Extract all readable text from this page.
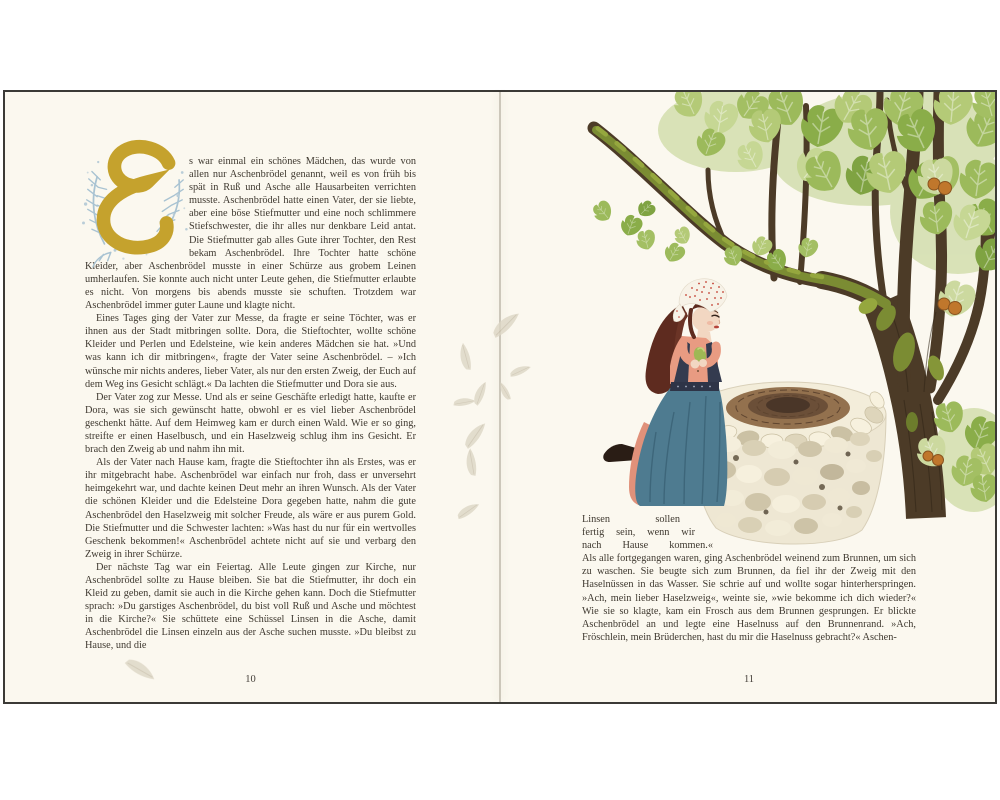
s war einmal ein schönes Mädchen, das wurde von allen nur Aschenbrödel genannt, weil es von früh bis spät in Ruß und Asche alle Hausarbeiten verrichten musste. Aschenbrödel hatte einen Vater, der sie liebte, aber eine böse Stiefmutter und eine noch schlimmere Stiefschwester, die ihr alles nur denkbare Leid antat. Die Stiefmutter gab alles Gute ihrer Tochter, den Rest bekam Aschenbrödel. Ihre Tochter hatte schöne Kleider, aber Aschenbrödel musste in einer Schürze aus grobem Leinen umherlaufen. Sie konnte auch nicht unter Leute gehen, die Stiefmutter erlaubte es nicht. Von morgens bis abends musste sie schuften. Trotzdem war Aschenbrödel immer guter Laune und klagte nicht.

Eines Tages ging der Vater zur Messe, da fragte er seine Töchter, was er ihnen aus der Stadt mitbringen sollte. Dora, die Stieftochter, wollte schöne Kleider und Perlen und Edelsteine, wie kein anderes Mädchen sie hat. »Und was kann ich dir mitbringen«, fragte der Vater seine Aschenbrödel. – »Ich wünsche mir nichts anderes, lieber Vater, als nur den ersten Zweig, der Euch auf dem Weg ins Gesicht schlägt.« Da lachten die Stiefmutter und Dora sie aus.

Der Vater zog zur Messe. Und als er seine Geschäfte erledigt hatte, kaufte er Dora, was sie sich gewünscht hatte, obwohl er es viel lieber Aschenbrödel geschenkt hätte. Auf dem Heimweg kam er durch einen Wald. Wie er so ging, streifte er einen Haselbusch, und ein Haselzweig schlug ihm ins Gesicht. Er brach den Zweig ab und nahm ihn mit.

Als der Vater nach Hause kam, fragte die Stieftochter ihn als Erstes, was er ihr mitgebracht habe. Aschenbrödel war einfach nur froh, dass er unversehrt heimgekehrt war, und dachte keinen Deut mehr an ihren Wunsch. Als der Vater die schönen Kleider und die Edelsteine Dora gegeben hatte, nahm die gute Aschenbrödel den Haselzweig mit solcher Freude, als wäre er aus purem Gold. Die Stiefmutter und die Schwester lachten: »Was hast du nur für ein wertvolles Geschenk bekommen!« Aschenbrödel achtete nicht auf sie und verbarg den Zweig in ihrer Schürze.

Der nächste Tag war ein Feiertag. Alle Leute gingen zur Kirche, nur Aschenbrödel sollte zu Hause bleiben. Sie bat die Stiefmutter, ihr doch ein Kleid zu geben, damit sie auch in die Kirche gehen kann. Doch die Stiefmutter sprach: »Du garstiges Aschenbrödel, du bist voll Ruß und Asche und möchtest in die Kirche?« Sie schüttete eine Schüssel Linsen in die Asche, damit Aschenbrödel die Linsen einzeln aus der Asche suchen musste. »Du bleibst zu Hause, und die

10
Linsen sollen
fertig sein, wenn wir
nach Hause kommen.«

Als alle fortgegangen waren, ging Aschenbrödel weinend zum Brunnen, um sich zu waschen. Sie beugte sich zum Brunnen, da fiel ihr der Zweig mit den Haselnüssen in das Wasser. Sie schrie auf und wollte sogar hinterherspringen. »Ach, mein lieber Haselzweig«, weinte sie, »wie bekomme ich dich wieder?« Wie sie so klagte, kam ein Frosch aus dem Brunnen gesprungen. Er blickte Aschenbrödel an und legte eine Haselnuss auf den Brunnenrand. »Ach, Fröschlein, mein Brüderchen, hast du mir die Haselnuss gebracht?« Aschen-

11
